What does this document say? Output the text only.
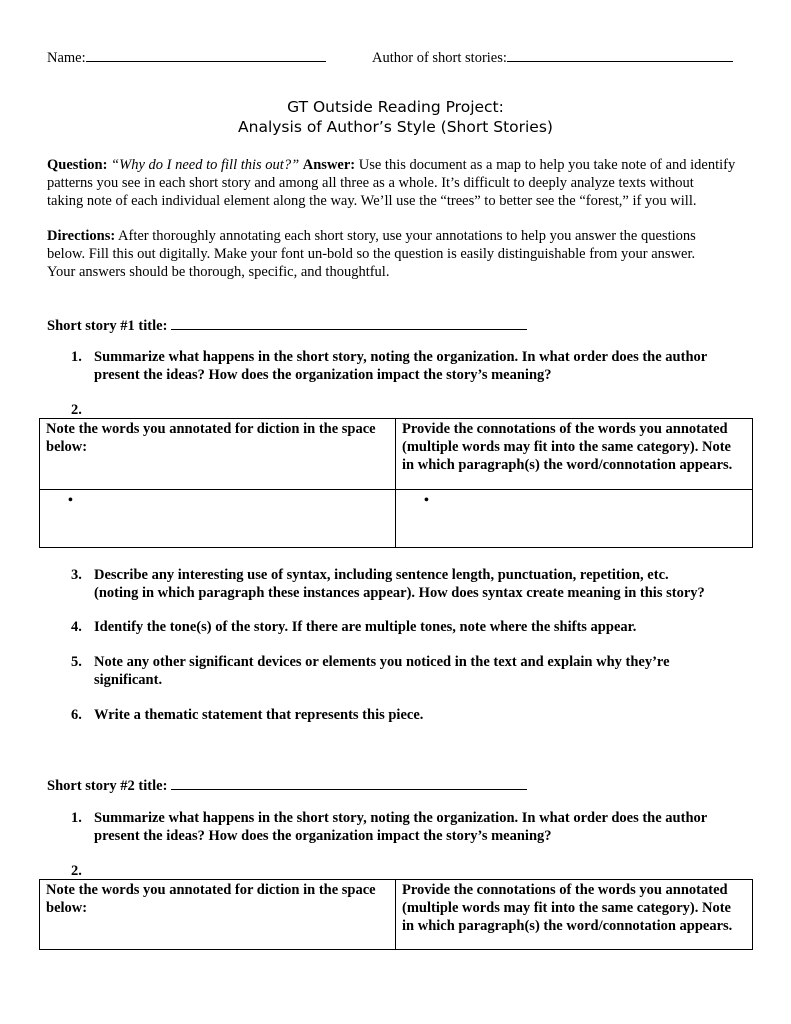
Name:	Author of short stories:
GT Outside Reading Project:
Analysis of Author’s Style (Short Stories)
Question: “Why do I need to fill this out?” Answer: Use this document as a map to help you take note of and identify
patterns you see in each short story and among all three as a whole. It’s difficult to deeply analyze texts without
taking note of each individual element along the way. We’ll use the “trees” to better see the “forest,” if you will.
Directions: After thoroughly annotating each short story, use your annotations to help you answer the questions
below. Fill this out digitally. Make your font un-bold so the question is easily distinguishable from your answer.
Your answers should be thorough, specific, and thoughtful.
Short story #1 title:
1. Summarize what happens in the short story, noting the organization. In what order does the author
present the ideas? How does the organization impact the story’s meaning?
2.
Note the words you annotated for diction in the space below:	Provide the connotations of the words you annotated (multiple words may fit into the same category). Note in which paragraph(s) the word/connotation appears.
•	•
3. Describe any interesting use of syntax, including sentence length, punctuation, repetition, etc.
(noting in which paragraph these instances appear). How does syntax create meaning in this story?
4. Identify the tone(s) of the story. If there are multiple tones, note where the shifts appear.
5. Note any other significant devices or elements you noticed in the text and explain why they’re
significant.
6. Write a thematic statement that represents this piece.
Short story #2 title:
1. Summarize what happens in the short story, noting the organization. In what order does the author
present the ideas? How does the organization impact the story’s meaning?
2.
Note the words you annotated for diction in the space below:	Provide the connotations of the words you annotated (multiple words may fit into the same category). Note in which paragraph(s) the word/connotation appears.
